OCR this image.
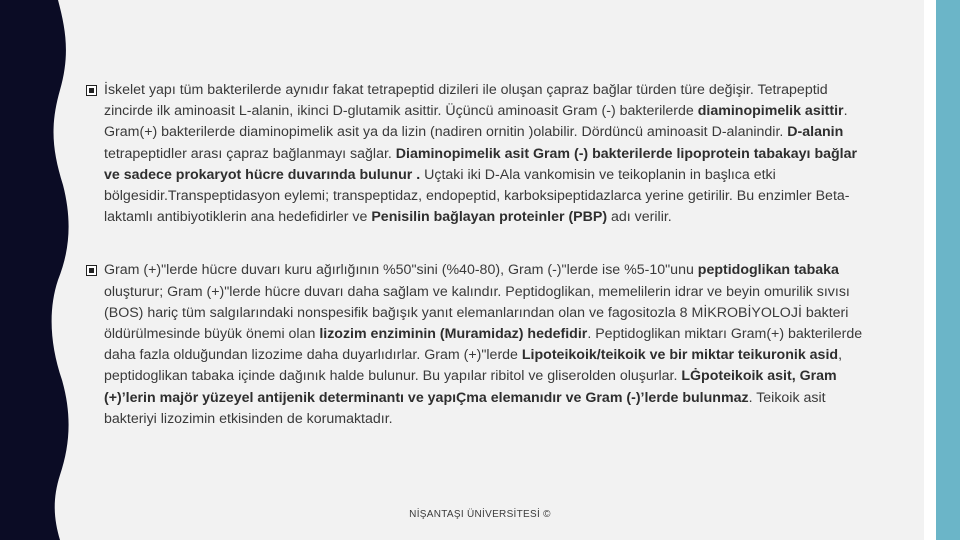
İskelet yapı tüm bakterilerde aynıdır fakat tetrapeptid dizileri ile oluşan çapraz bağlar türden türe değişir. Tetrapeptid zincirde ilk aminoasit L-alanin, ikinci D-glutamik asittir. Üçüncü aminoasit Gram (-) bakterilerde diaminopimelik asittir. Gram(+) bakterilerde diaminopimelik asit ya da lizin (nadiren ornitin )olabilir. Dördüncü aminoasit D-alanindir. D-alanin tetrapeptidler arası çapraz bağlanmayı sağlar. Diaminopimelik asit Gram (-) bakterilerde lipoprotein tabakayı bağlar ve sadece prokaryot hücre duvarında bulunur . Uçtaki iki D-Ala vankomisin ve teikoplanin in başlıca etki bölgesidir.Transpeptidasyon eylemi; transpeptidaz, endopeptid, karboksipeptidazlarca yerine getirilir. Bu enzimler Beta-laktamlı antibiyotiklerin ana hedefidirler ve Penisilin bağlayan proteinler (PBP) adı verilir.
Gram (+)"lerde hücre duvarı kuru ağırlığının %50"sini (%40-80), Gram (-)"lerde ise %5-10"unu peptidoglikan tabaka oluşturur; Gram (+)"lerde hücre duvarı daha sağlam ve kalındır. Peptidoglikan, memelilerin idrar ve beyin omurilik sıvısı (BOS) hariç tüm salgılarındaki nonspesifik bağışık yanıt elemanlarından olan ve fagositozla 8 MİKROBİYOLOJİ bakteri öldürülmesinde büyük önemi olan lizozim enziminin (Muramidaz) hedefidir. Peptidoglikan miktarı Gram(+) bakterilerde daha fazla olduğundan lizozime daha duyarlıdırlar. Gram (+)"lerde Lipoteikoik/teikoik ve bir miktar teikuronik asid, peptidoglikan tabaka içinde dağınık halde bulunur. Bu yapılar ribitol ve gliserolden oluşurlar. LĠpoteikoik asit, Gram (+)’lerin majör yüzeyel antijenik determinantı ve yapıÇma elemanıdır ve Gram (-)’lerde bulunmaz. Teikoik asit bakteriyi lizozimin etkisinden de korumaktadır.
NİŞANTAŞI ÜNİVERSİTESİ ©
